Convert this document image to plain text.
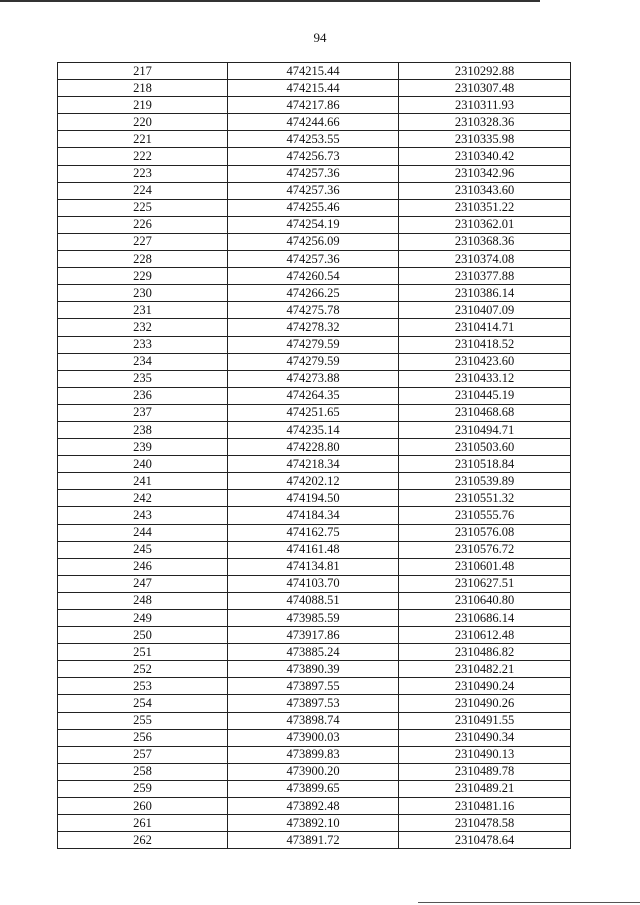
94
217	474215.44	2310292.88
218	474215.44	2310307.48
219	474217.86	2310311.93
220	474244.66	2310328.36
221	474253.55	2310335.98
222	474256.73	2310340.42
223	474257.36	2310342.96
224	474257.36	2310343.60
225	474255.46	2310351.22
226	474254.19	2310362.01
227	474256.09	2310368.36
228	474257.36	2310374.08
229	474260.54	2310377.88
230	474266.25	2310386.14
231	474275.78	2310407.09
232	474278.32	2310414.71
233	474279.59	2310418.52
234	474279.59	2310423.60
235	474273.88	2310433.12
236	474264.35	2310445.19
237	474251.65	2310468.68
238	474235.14	2310494.71
239	474228.80	2310503.60
240	474218.34	2310518.84
241	474202.12	2310539.89
242	474194.50	2310551.32
243	474184.34	2310555.76
244	474162.75	2310576.08
245	474161.48	2310576.72
246	474134.81	2310601.48
247	474103.70	2310627.51
248	474088.51	2310640.80
249	473985.59	2310686.14
250	473917.86	2310612.48
251	473885.24	2310486.82
252	473890.39	2310482.21
253	473897.55	2310490.24
254	473897.53	2310490.26
255	473898.74	2310491.55
256	473900.03	2310490.34
257	473899.83	2310490.13
258	473900.20	2310489.78
259	473899.65	2310489.21
260	473892.48	2310481.16
261	473892.10	2310478.58
262	473891.72	2310478.64
